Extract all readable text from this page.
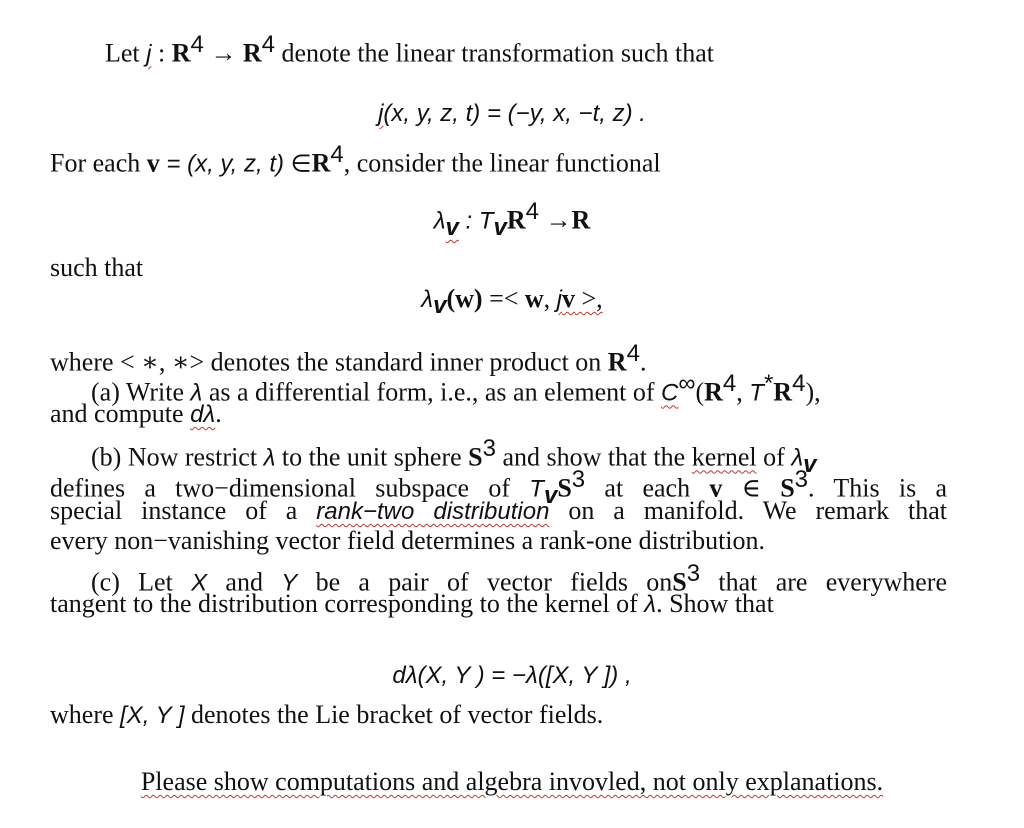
Let j : $R^4 \to R^4$ denote the linear transformation such that
j(x, y, z, t) = (−y, x, −t, z) .
For each v = (x, y, z, t) $\in R^4$, consider the linear functional
$\lambda_v$ : $T_vR^4 \to R$
such that
$\lambda_v(w) =< w$, jv >,
where < ∗, ∗> denotes the standard inner product on $R^4$.
(a) Write λ as a differential form, i.e., as an element of $C^\infty(R^4$, $T^*R^4$),
and compute dλ.
(b) Now restrict λ to the unit sphere $S^3$ and show that the kernel of $\lambda_v$
defines a two−dimensional subspace of $T_vS^3$ at each v ∈ $S^3$. This is a
special instance of a rank−two distribution on a manifold. We remark that
every non−vanishing vector field determines a rank-one distribution.
(c) Let X and Y be a pair of vector fields onS$^3$ that are everywhere
tangent to the distribution corresponding to the kernel of λ. Show that
dλ(X, Y ) = −λ([X, Y ]) ,
where [X, Y ] denotes the Lie bracket of vector fields.
Please show computations and algebra invovled, not only explanations.
